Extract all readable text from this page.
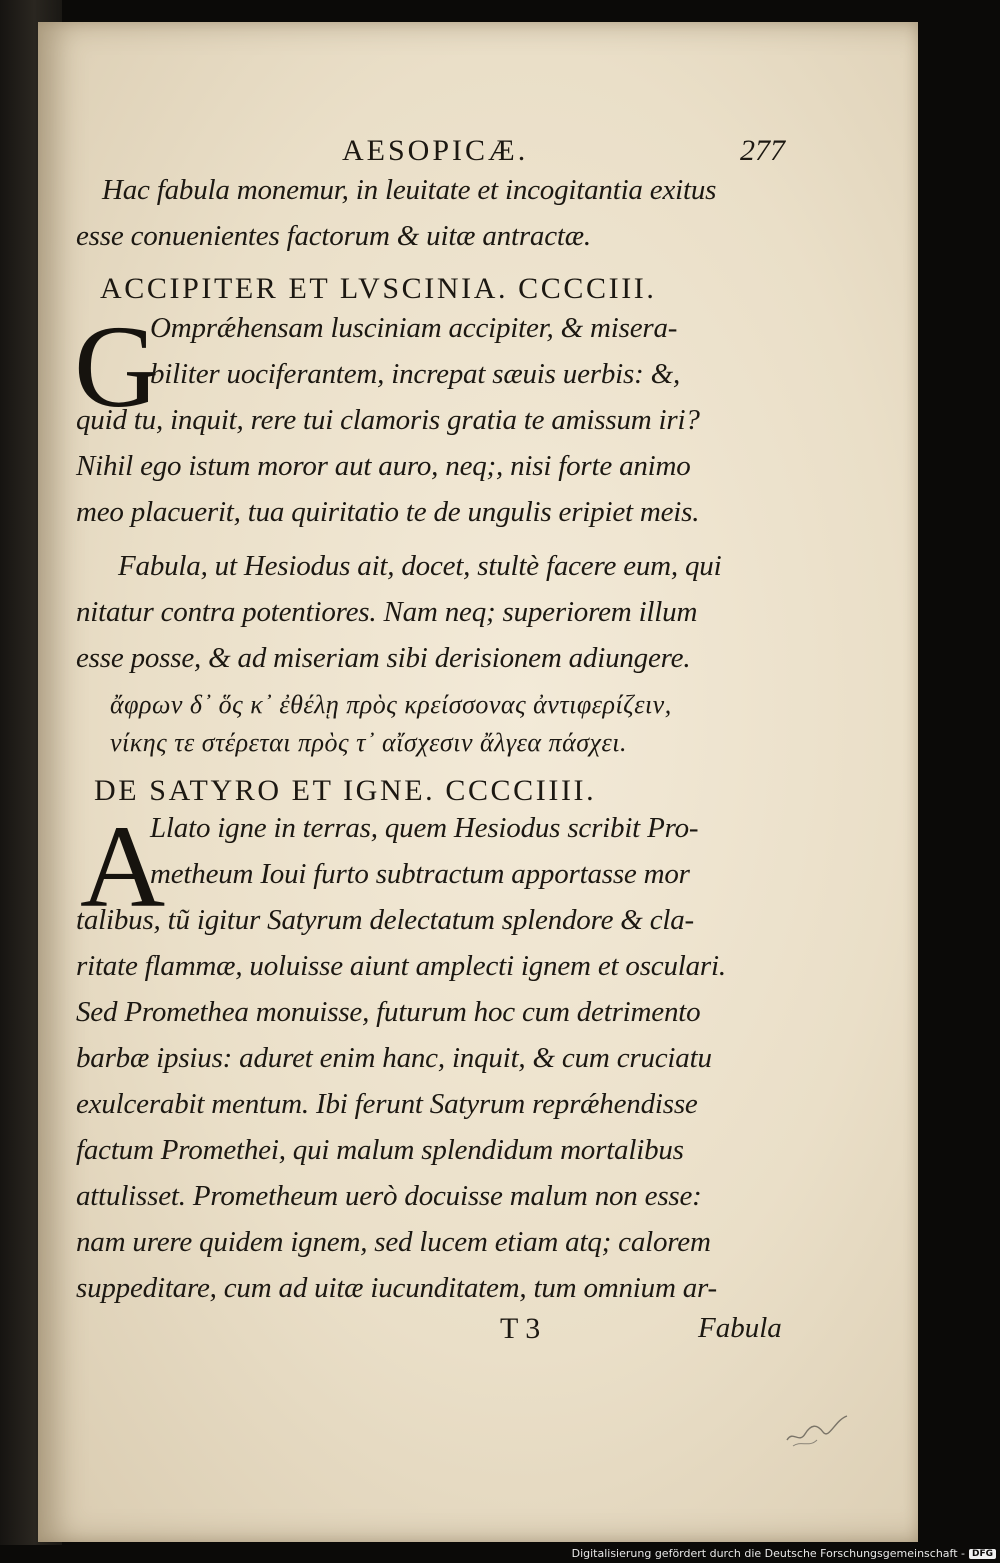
AESOPICÆ.	277
Hac fabula monemur, in leuitate et incogitantia exitus
esse conuenientes factorum & uitæ antractæ.
ACCIPITER ET LVSCINIA. CCCCIII.
G
Omprǽhensam lusciniam accipiter, & misera-
biliter uociferantem, increpat sæuis uerbis: &,
quid tu, inquit, rere tui clamoris gratia te amissum iri?
Nihil ego istum moror aut auro, neq;, nisi forte animo
meo placuerit, tua quiritatio te de ungulis eripiet meis.
Fabula, ut Hesiodus ait, docet, stultè facere eum, qui
nitatur contra potentiores. Nam neq; superiorem illum
esse posse, & ad miseriam sibi derisionem adiungere.
ἄφρων δ᾽ ὅς κ᾽ ἐθέλῃ πρὸς κρείσσονας ἀντιφερίζειν,
νίκης τε στέρεται πρὸς τ᾽ αἴσχεσιν ἄλγεα πάσχει.
DE SATYRO ET IGNE. CCCCIIII.
A
Llato igne in terras, quem Hesiodus scribit Pro-
metheum Ioui furto subtractum apportasse mor
talibus, tũ igitur Satyrum delectatum splendore & cla-
ritate flammæ, uoluisse aiunt amplecti ignem et osculari.
Sed Promethea monuisse, futurum hoc cum detrimento
barbæ ipsius: aduret enim hanc, inquit, & cum cruciatu
exulcerabit mentum. Ibi ferunt Satyrum reprǽhendisse
factum Promethei, qui malum splendidum mortalibus
attulisset. Prometheum uerò docuisse malum non esse:
nam urere quidem ignem, sed lucem etiam atq; calorem
suppeditare, cum ad uitæ iucunditatem, tum omnium ar-
T 3	Fabula
Digitalisierung gefördert durch die Deutsche Forschungsgemeinschaft - DFG
